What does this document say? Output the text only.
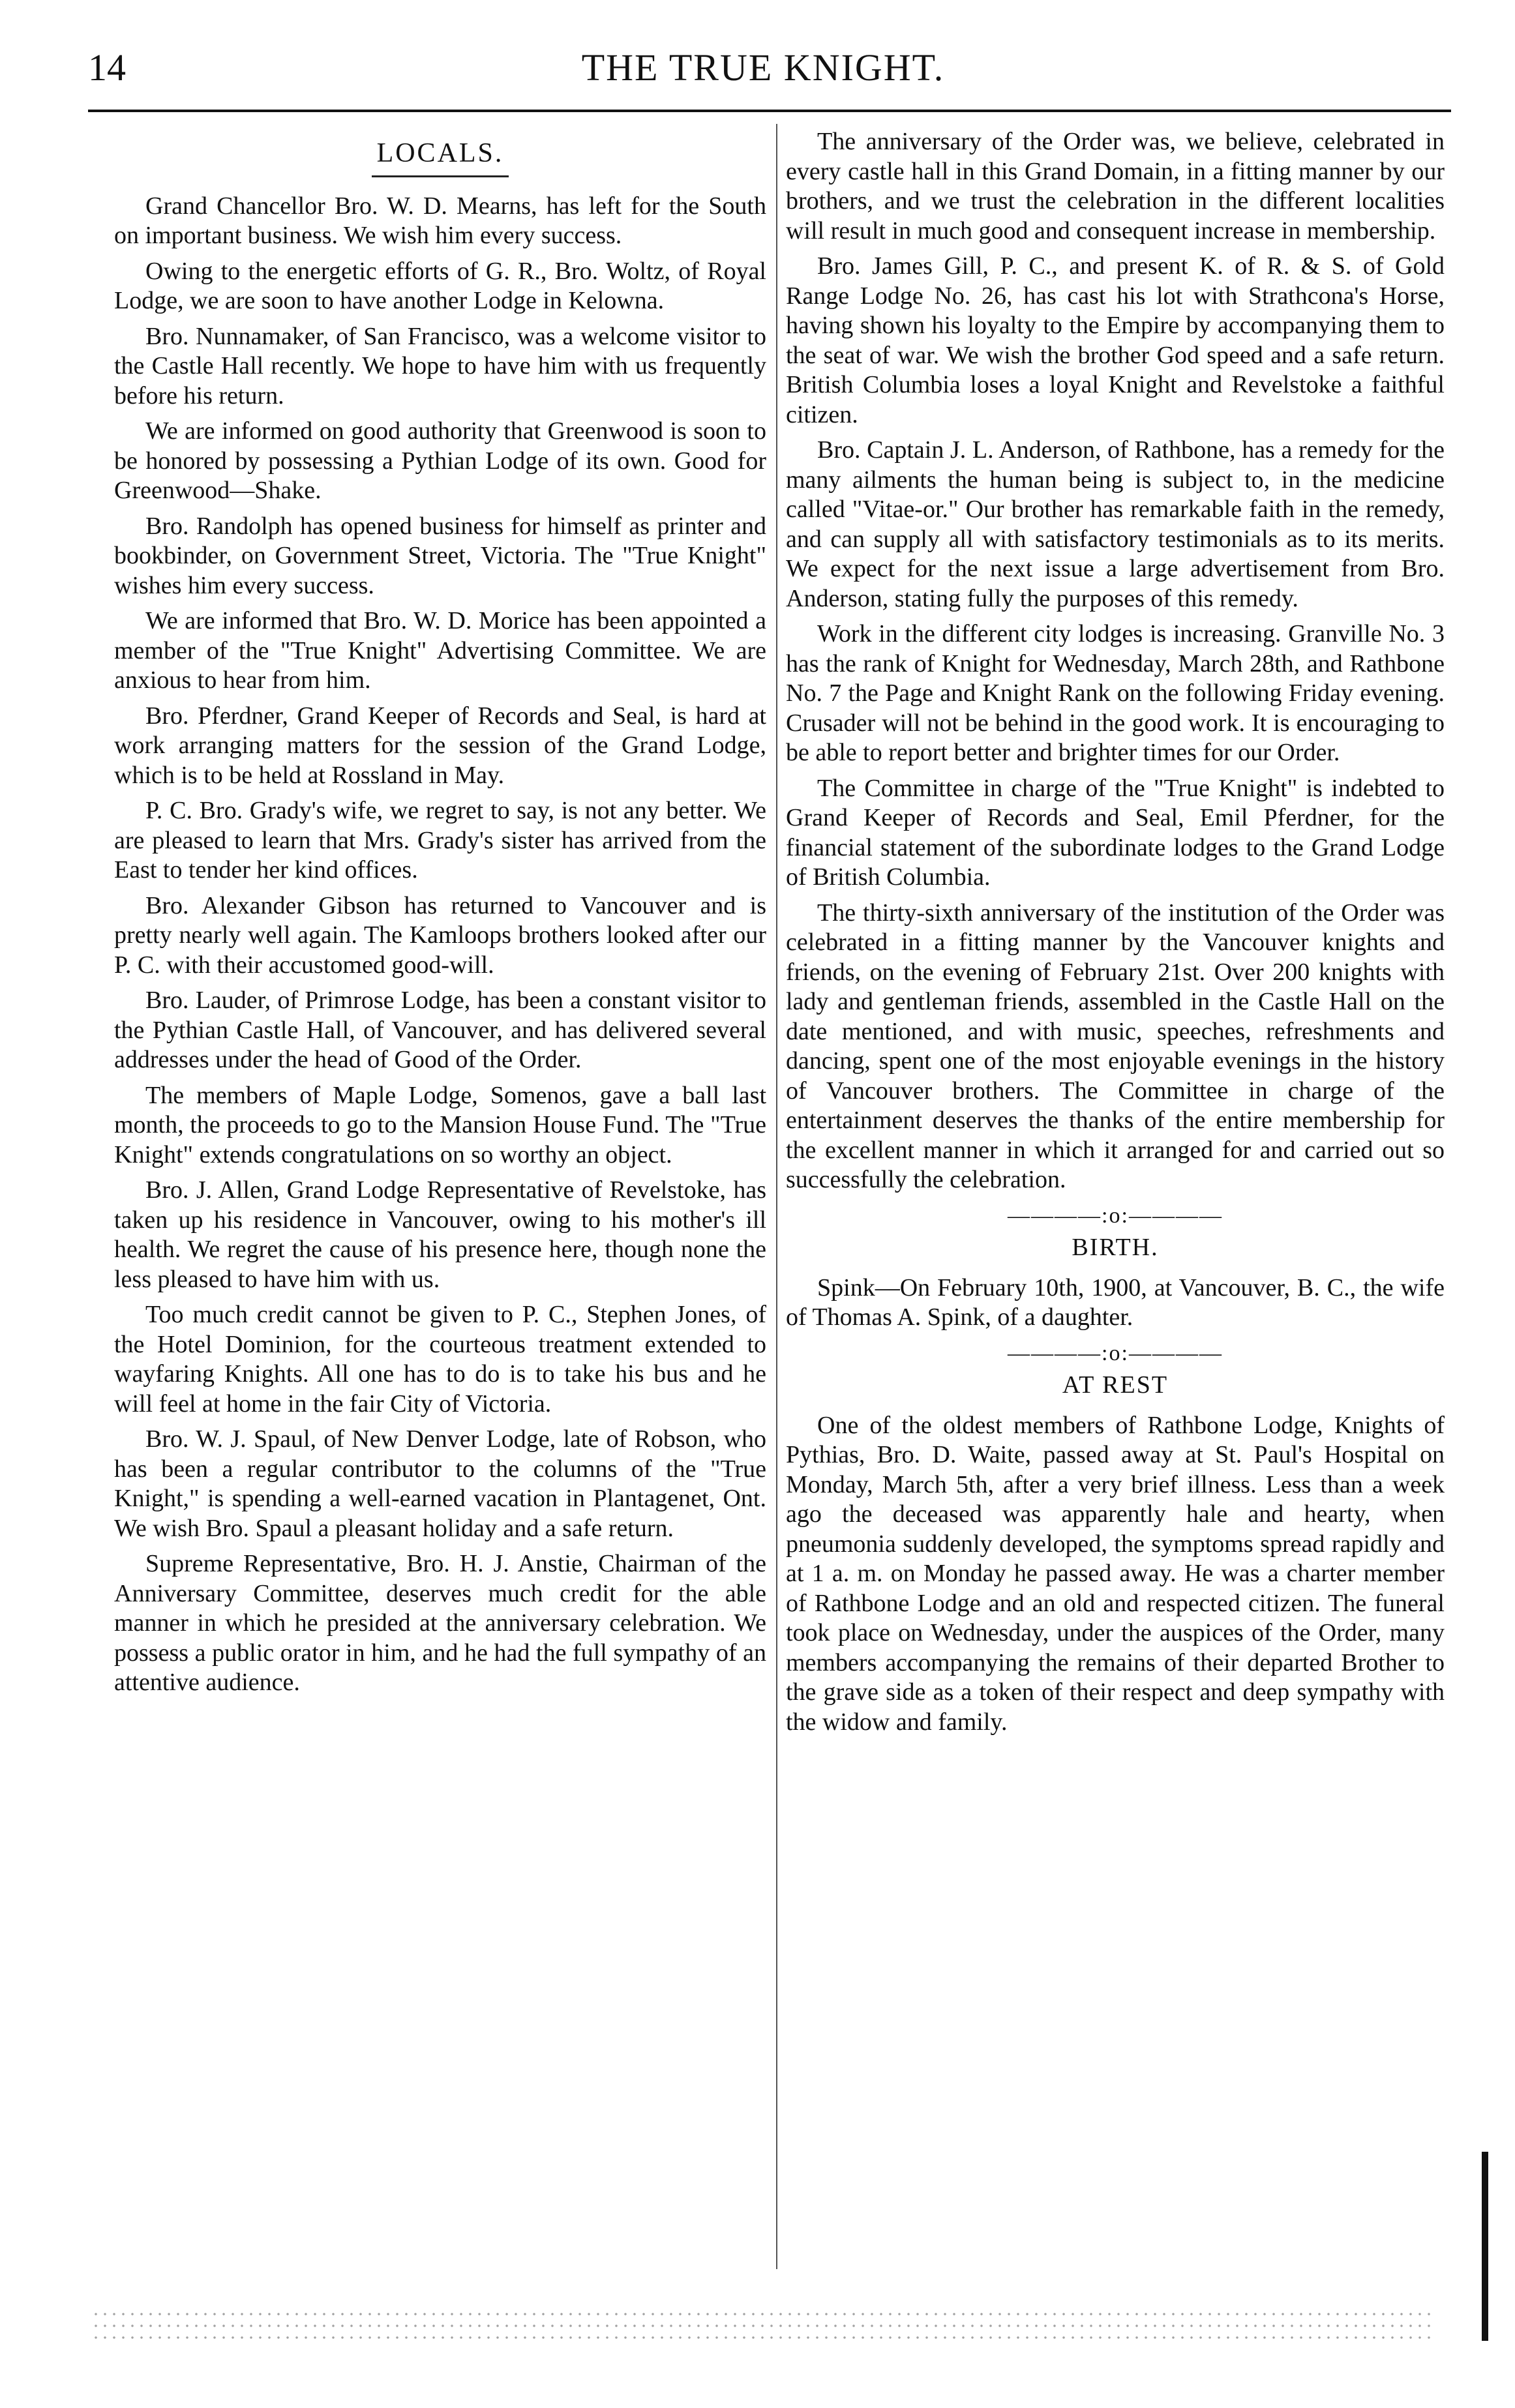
14	THE TRUE KNIGHT.
LOCALS.

Grand Chancellor Bro. W. D. Mearns, has left for the South on important business. We wish him every success.

Owing to the energetic efforts of G. R., Bro. Woltz, of Royal Lodge, we are soon to have another Lodge in Kelowna.

Bro. Nunnamaker, of San Francisco, was a welcome visitor to the Castle Hall recently. We hope to have him with us frequently before his return.

We are informed on good authority that Greenwood is soon to be honored by possessing a Pythian Lodge of its own. Good for Greenwood—Shake.

Bro. Randolph has opened business for himself as printer and bookbinder, on Government Street, Victoria. The "True Knight" wishes him every success.

We are informed that Bro. W. D. Morice has been appointed a member of the "True Knight" Advertising Committee. We are anxious to hear from him.

Bro. Pferdner, Grand Keeper of Records and Seal, is hard at work arranging matters for the session of the Grand Lodge, which is to be held at Rossland in May.

P. C. Bro. Grady's wife, we regret to say, is not any better. We are pleased to learn that Mrs. Grady's sister has arrived from the East to tender her kind offices.

Bro. Alexander Gibson has returned to Vancouver and is pretty nearly well again. The Kamloops brothers looked after our P. C. with their accustomed good-will.

Bro. Lauder, of Primrose Lodge, has been a constant visitor to the Pythian Castle Hall, of Vancouver, and has delivered several addresses under the head of Good of the Order.

The members of Maple Lodge, Somenos, gave a ball last month, the proceeds to go to the Mansion House Fund. The "True Knight" extends congratulations on so worthy an object.

Bro. J. Allen, Grand Lodge Representative of Revelstoke, has taken up his residence in Vancouver, owing to his mother's ill health. We regret the cause of his presence here, though none the less pleased to have him with us.

Too much credit cannot be given to P. C., Stephen Jones, of the Hotel Dominion, for the courteous treatment extended to wayfaring Knights. All one has to do is to take his bus and he will feel at home in the fair City of Victoria.

Bro. W. J. Spaul, of New Denver Lodge, late of Robson, who has been a regular contributor to the columns of the "True Knight," is spending a well-earned vacation in Plantagenet, Ont. We wish Bro. Spaul a pleasant holiday and a safe return.

Supreme Representative, Bro. H. J. Anstie, Chairman of the Anniversary Committee, deserves much credit for the able manner in which he presided at the anniversary celebration. We possess a public orator in him, and he had the full sympathy of an attentive audience.

The anniversary of the Order was, we believe, celebrated in every castle hall in this Grand Domain, in a fitting manner by our brothers, and we trust the celebration in the different localities will result in much good and consequent increase in membership.

Bro. James Gill, P. C., and present K. of R. & S. of Gold Range Lodge No. 26, has cast his lot with Strathcona's Horse, having shown his loyalty to the Empire by accompanying them to the seat of war. We wish the brother God speed and a safe return. British Columbia loses a loyal Knight and Revelstoke a faithful citizen.

Bro. Captain J. L. Anderson, of Rathbone, has a remedy for the many ailments the human being is subject to, in the medicine called "Vitae-or." Our brother has remarkable faith in the remedy, and can supply all with satisfactory testimonials as to its merits. We expect for the next issue a large advertisement from Bro. Anderson, stating fully the purposes of this remedy.

Work in the different city lodges is increasing. Granville No. 3 has the rank of Knight for Wednesday, March 28th, and Rathbone No. 7 the Page and Knight Rank on the following Friday evening. Crusader will not be behind in the good work. It is encouraging to be able to report better and brighter times for our Order.

The Committee in charge of the "True Knight" is indebted to Grand Keeper of Records and Seal, Emil Pferdner, for the financial statement of the subordinate lodges to the Grand Lodge of British Columbia.

The thirty-sixth anniversary of the institution of the Order was celebrated in a fitting manner by the Vancouver knights and friends, on the evening of February 21st. Over 200 knights with lady and gentleman friends, assembled in the Castle Hall on the date mentioned, and with music, speeches, refreshments and dancing, spent one of the most enjoyable evenings in the history of Vancouver brothers. The Committee in charge of the entertainment deserves the thanks of the entire membership for the excellent manner in which it arranged for and carried out so successfully the celebration.

————:o:————
BIRTH.

Spink—On February 10th, 1900, at Vancouver, B. C., the wife of Thomas A. Spink, of a daughter.

————:o:————
AT REST

One of the oldest members of Rathbone Lodge, Knights of Pythias, Bro. D. Waite, passed away at St. Paul's Hospital on Monday, March 5th, after a very brief illness. Less than a week ago the deceased was apparently hale and hearty, when pneumonia suddenly developed, the symptoms spread rapidly and at 1 a. m. on Monday he passed away. He was a charter member of Rathbone Lodge and an old and respected citizen. The funeral took place on Wednesday, under the auspices of the Order, many members accompanying the remains of their departed Brother to the grave side as a token of their respect and deep sympathy with the widow and family.
